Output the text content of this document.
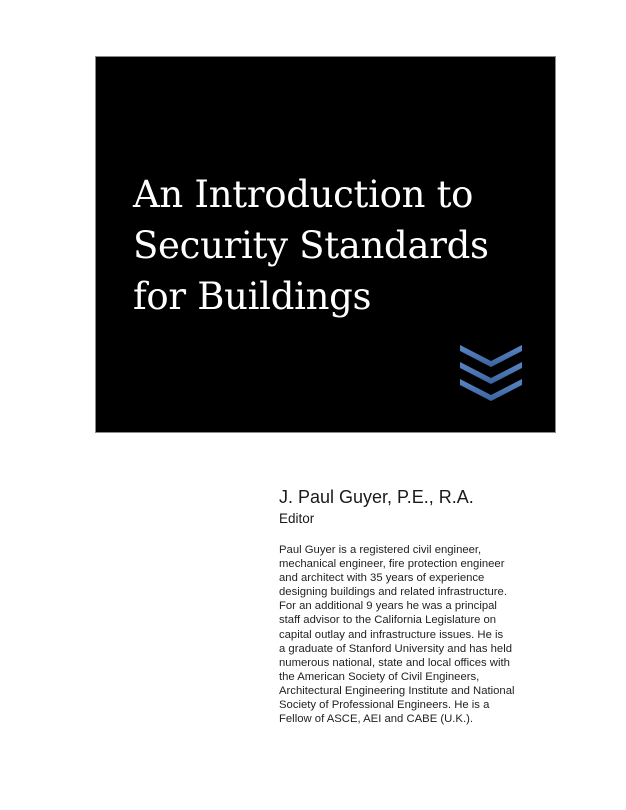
An Introduction to
Security Standards
for Buildings
J. Paul Guyer, P.E., R.A.
Editor
Paul Guyer is a registered civil engineer,
mechanical engineer, fire protection engineer
and architect with 35 years of experience
designing buildings and related infrastructure.
For an additional 9 years he was a principal
staff advisor to the California Legislature on
capital outlay and infrastructure issues. He is
a graduate of Stanford University and has held
numerous national, state and local offices with
the American Society of Civil Engineers,
Architectural Engineering Institute and National
Society of Professional Engineers. He is a
Fellow of ASCE, AEI and CABE (U.K.).
